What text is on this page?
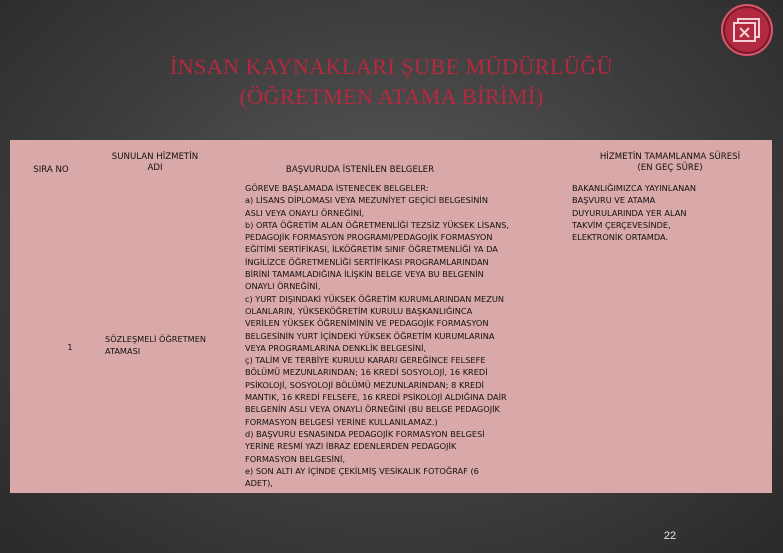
İNSAN KAYNAKLARI ŞUBE MÜDÜRLÜĞÜ
(ÖĞRETMEN ATAMA BİRİMİ)
SIRA NO
SUNULAN HİZMETİN
ADI	BAŞVURUDA İSTENİLEN BELGELER
HİZMETİN TAMAMLANMA SÜRESİ
(EN GEÇ SÜRE)
1
SÖZLEŞMELİ ÖĞRETMEN
ATAMASI
GÖREVE BAŞLAMADA İSTENECEK BELGELER:
a) LİSANS DİPLOMASI VEYA MEZUNİYET GEÇİCİ BELGESİNİN
ASLI VEYA ONAYLI ÖRNEĞİNİ,
b) ORTA ÖĞRETİM ALAN ÖĞRETMENLİĞİ TEZSİZ YÜKSEK LİSANS,
PEDAGOJİK FORMASYON PROGRAMI/PEDAGOJİK FORMASYON
EĞİTİMİ SERTİFİKASI, İLKÖĞRETİM SINIF ÖĞRETMENLİĞİ YA DA
İNGİLİZCE ÖĞRETMENLİĞİ SERTİFİKASI PROGRAMLARINDAN
BİRİNİ TAMAMLADIĞINA İLİŞKİN BELGE VEYA BU BELGENİN
ONAYLI ÖRNEĞİNİ,
c) YURT DIŞINDAKİ YÜKSEK ÖĞRETİM KURUMLARINDAN MEZUN
OLANLARIN, YÜKSEKÖĞRETİM KURULU BAŞKANLIĞINCA
VERİLEN YÜKSEK ÖĞRENİMİNİN VE PEDAGOJİK FORMASYON
BELGESİNİN YURT İÇİNDEKİ YÜKSEK ÖĞRETİM KURUMLARINA
VEYA PROGRAMLARINA DENKLİK BELGESİNİ,
ç) TALİM VE TERBİYE KURULU KARARI GEREĞİNCE FELSEFE
BÖLÜMÜ MEZUNLARINDAN; 16 KREDİ SOSYOLOJİ, 16 KREDİ
PSİKOLOJİ, SOSYOLOJİ BÖLÜMÜ MEZUNLARINDAN; 8 KREDİ
MANTIK, 16 KREDİ FELSEFE, 16 KREDİ PSİKOLOJİ ALDIĞINA DAİR
BELGENİN ASLI VEYA ONAYLI ÖRNEĞİNİ (BU BELGE PEDAGOJİK
FORMASYON BELGESİ YERİNE KULLANILAMAZ.)
d) BAŞVURU ESNASINDA PEDAGOJİK FORMASYON BELGESİ
YERİNE RESMİ YAZI İBRAZ EDENLERDEN PEDAGOJİK
FORMASYON BELGESİNİ,
e) SON ALTI AY İÇİNDE ÇEKİLMİŞ VESİKALIK FOTOĞRAF (6
ADET),
BAKANLIĞIMIZCA YAYINLANAN
BAŞVURU VE ATAMA
DUYURULARINDA YER ALAN
TAKVİM ÇERÇEVESİNDE,
ELEKTRONİK ORTAMDA.
22
